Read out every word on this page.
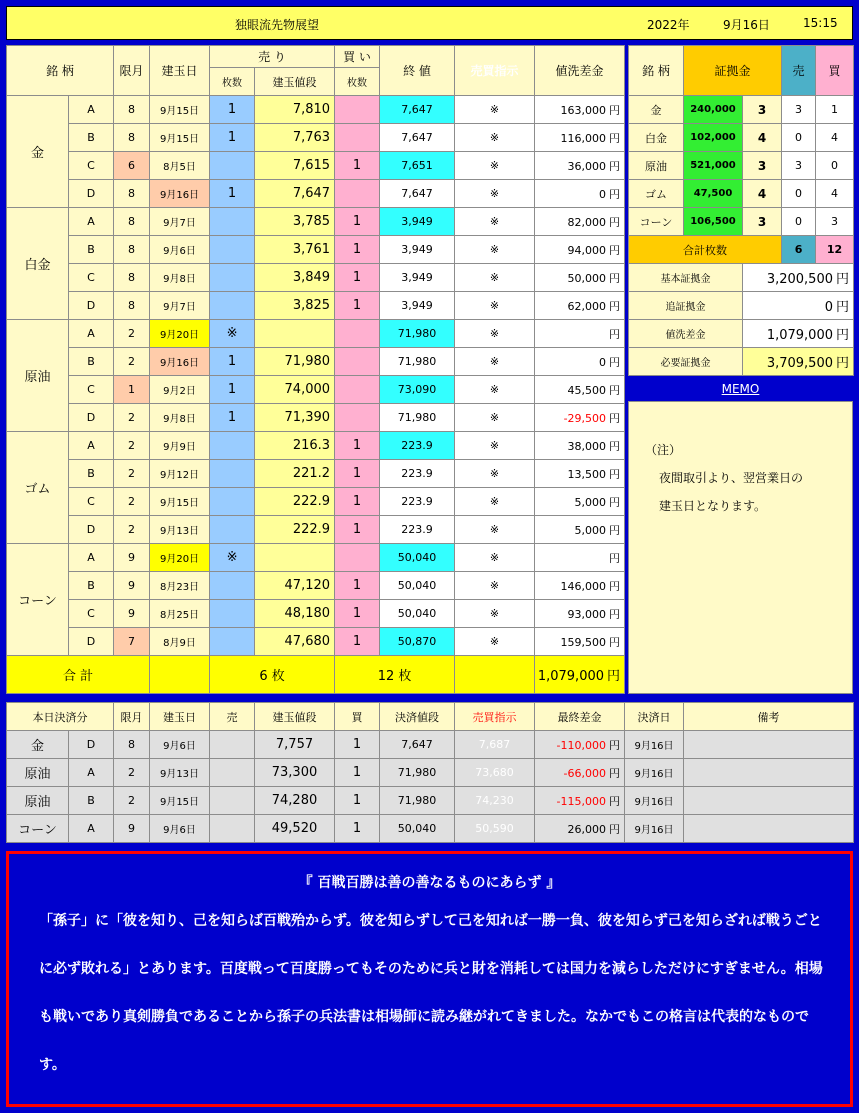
独眼流先物展望	2022年	9月16日	15:15
銘 柄		限月	建玉日	売 り		買 い	終 値	売買指示	値洗差金
				枚数	建玉値段	枚数			
金	A	8	9月15日	1	7,810		7,647	※	163,000 円
	B	8	9月15日	1	7,763		7,647	※	116,000 円
	C	6	8月5日		7,615	1	7,651	※	36,000 円
	D	8	9月16日	1	7,647		7,647	※	0 円
白金	A	8	9月7日		3,785	1	3,949	※	82,000 円
	B	8	9月6日		3,761	1	3,949	※	94,000 円
	C	8	9月8日		3,849	1	3,949	※	50,000 円
	D	8	9月7日		3,825	1	3,949	※	62,000 円
原油	A	2	9月20日	※			71,980	※	円
	B	2	9月16日	1	71,980		71,980	※	0 円
	C	1	9月2日	1	74,000		73,090	※	45,500 円
	D	2	9月8日	1	71,390		71,980	※	-29,500 円
ゴム	A	2	9月9日		216.3	1	223.9	※	38,000 円
	B	2	9月12日		221.2	1	223.9	※	13,500 円
	C	2	9月15日		222.9	1	223.9	※	5,000 円
	D	2	9月13日		222.9	1	223.9	※	5,000 円
コーン	A	9	9月20日	※			50,040	※	円
	B	9	8月23日		47,120	1	50,040	※	146,000 円
	C	9	8月25日		48,180	1	50,040	※	93,000 円
	D	7	8月9日		47,680	1	50,870	※	159,500 円
合 計				6 枚		12 枚			1,079,000 円
銘 柄	証拠金		売	買
金	240,000	3	3	1
白金	102,000	4	0	4
原油	521,000	3	3	0
ゴム	47,500	4	0	4
コーン	106,500	3	0	3
合計枚数			6	12
基本証拠金		3,200,500 円		
追証拠金		0 円		
値洗差金		1,079,000 円		
必要証拠金		3,709,500 円		
MEMO
（注）
夜間取引より、翌営業日の
建玉日となります。
本日決済分		限月	建玉日	売	建玉値段	買	決済値段	売買指示	最終差金	決済日	備考
金	D	8	9月6日		7,757	1	7,647	7,687	-110,000 円	9月16日	
原油	A	2	9月13日		73,300	1	71,980	73,680	-66,000 円	9月16日	
原油	B	2	9月15日		74,280	1	71,980	74,230	-115,000 円	9月16日	
コーン	A	9	9月6日		49,520	1	50,040	50,590	26,000 円	9月16日	
『 百戦百勝は善の善なるものにあらず 』
「孫子」に「彼を知り、己を知らば百戦殆からず。彼を知らずして己を知れば一勝一負、彼を知らず己を知らざれば戦うごとに必ず敗れる」とあります。百度戦って百度勝ってもそのために兵と財を消耗しては国力を減らしただけにすぎません。相場も戦いであり真剣勝負であることから孫子の兵法書は相場師に読み継がれてきました。なかでもこの格言は代表的なものです。
